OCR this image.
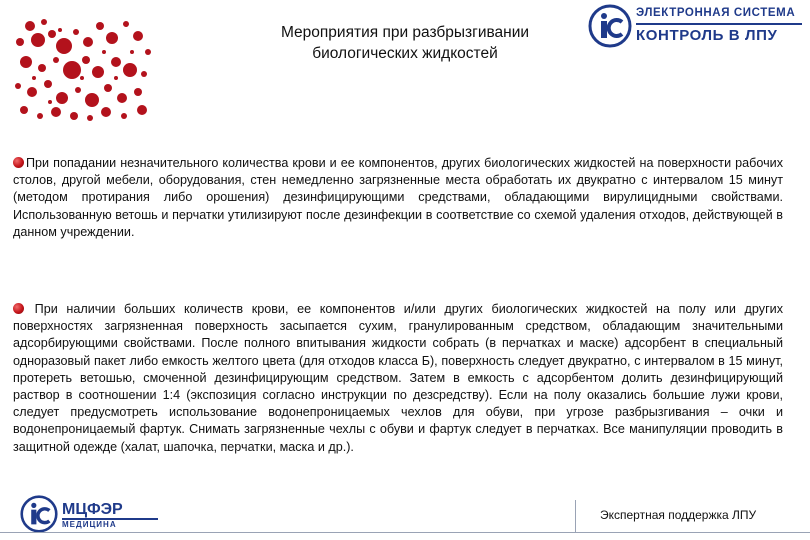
Мероприятия при разбрызгивании
биологических жидкостей
ЭЛЕКТРОННАЯ СИСТЕМА
КОНТРОЛЬ В ЛПУ
При попадании незначительного количества крови и ее компонентов, других биологических жидкостей на поверхности рабочих столов, другой мебели, оборудования, стен немедленно загрязненные места обработать их двукратно с интервалом 15 минут (методом протирания либо орошения) дезинфицирующими средствами, обладающими вирулицидными свойствами. Использованную ветошь и перчатки утилизируют после дезинфекции в соответствие со схемой удаления отходов, действующей в данном учреждении.
При наличии больших количеств крови, ее компонентов и/или других биологических жидкостей на полу или других поверхностях загрязненная поверхность засыпается сухим, гранулированным средством, обладающим значительными адсорбирующими свойствами. После полного впитывания жидкости собрать (в перчатках и маске) адсорбент в специальный одноразовый пакет либо емкость желтого цвета (для отходов класса Б), поверхность следует двукратно, с интервалом в 15 минут, протереть ветошью, смоченной дезинфицирующим средством. Затем в емкость с адсорбентом долить дезинфицирующий раствор в соотношении 1:4 (экспозиция согласно инструкции по дезсредству). Если на полу оказались большие лужи крови, следует предусмотреть использование водонепроницаемых чехлов для обуви, при угрозе разбрызгивания – очки и водонепроницаемый фартук. Снимать загрязненные чехлы с обуви и фартук следует в перчатках. Все манипуляции проводить в защитной одежде (халат, шапочка, перчатки, маска и др.).
МЦФЭР
МЕДИЦИНА
Экспертная поддержка ЛПУ
